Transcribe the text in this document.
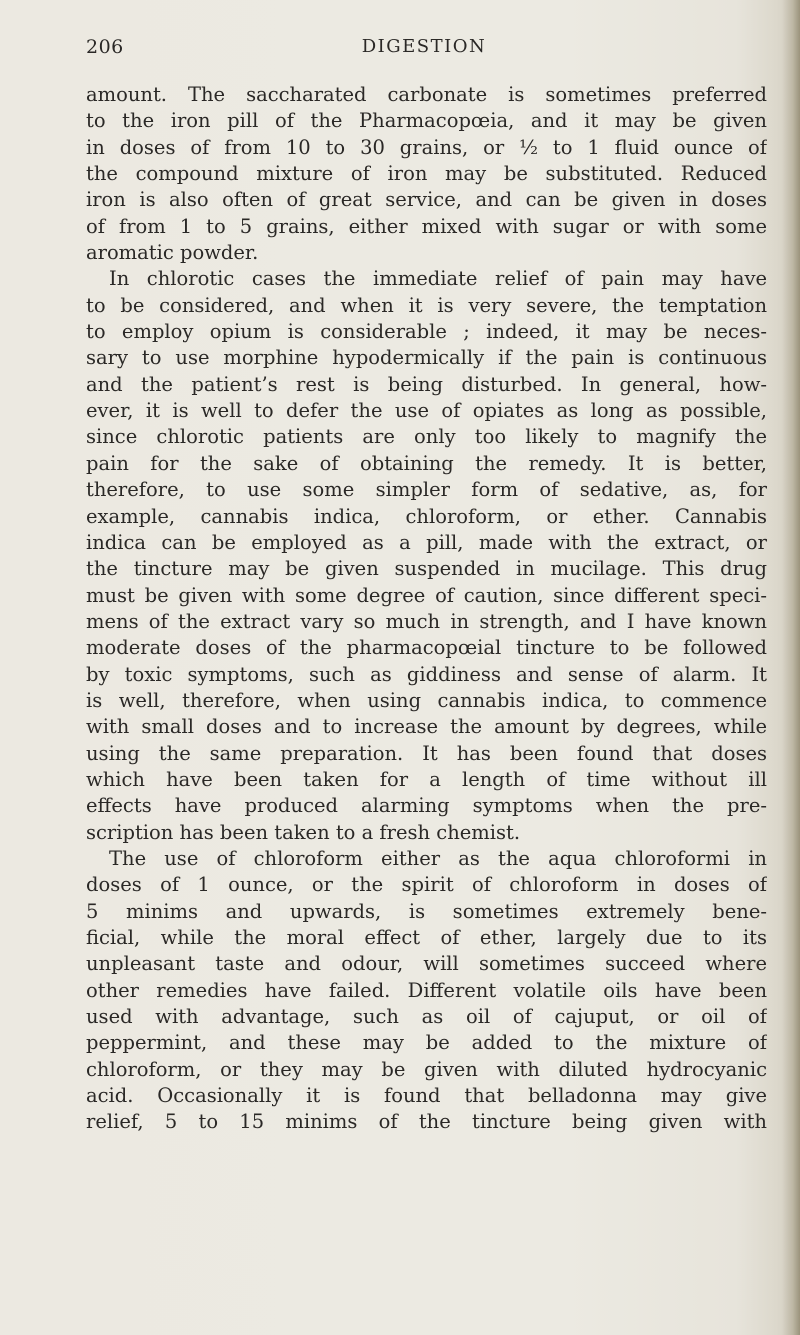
206	DIGESTION
amount. The saccharated carbonate is sometimes preferred
to the iron pill of the Pharmacopœia, and it may be given
in doses of from 10 to 30 grains, or ½ to 1 fluid ounce of
the compound mixture of iron may be substituted. Reduced
iron is also often of great service, and can be given in doses
of from 1 to 5 grains, either mixed with sugar or with some
aromatic powder.
In chlorotic cases the immediate relief of pain may have
to be considered, and when it is very severe, the temptation
to employ opium is considerable ; indeed, it may be neces-
sary to use morphine hypodermically if the pain is continuous
and the patient’s rest is being disturbed. In general, how-
ever, it is well to defer the use of opiates as long as possible,
since chlorotic patients are only too likely to magnify the
pain for the sake of obtaining the remedy. It is better,
therefore, to use some simpler form of sedative, as, for
example, cannabis indica, chloroform, or ether. Cannabis
indica can be employed as a pill, made with the extract, or
the tincture may be given suspended in mucilage. This drug
must be given with some degree of caution, since different speci-
mens of the extract vary so much in strength, and I have known
moderate doses of the pharmacopœial tincture to be followed
by toxic symptoms, such as giddiness and sense of alarm. It
is well, therefore, when using cannabis indica, to commence
with small doses and to increase the amount by degrees, while
using the same preparation. It has been found that doses
which have been taken for a length of time without ill
effects have produced alarming symptoms when the pre-
scription has been taken to a fresh chemist.
The use of chloroform either as the aqua chloroformi in
doses of 1 ounce, or the spirit of chloroform in doses of
5 minims and upwards, is sometimes extremely bene-
ficial, while the moral effect of ether, largely due to its
unpleasant taste and odour, will sometimes succeed where
other remedies have failed. Different volatile oils have been
used with advantage, such as oil of cajuput, or oil of
peppermint, and these may be added to the mixture of
chloroform, or they may be given with diluted hydrocyanic
acid. Occasionally it is found that belladonna may give
relief, 5 to 15 minims of the tincture being given with
